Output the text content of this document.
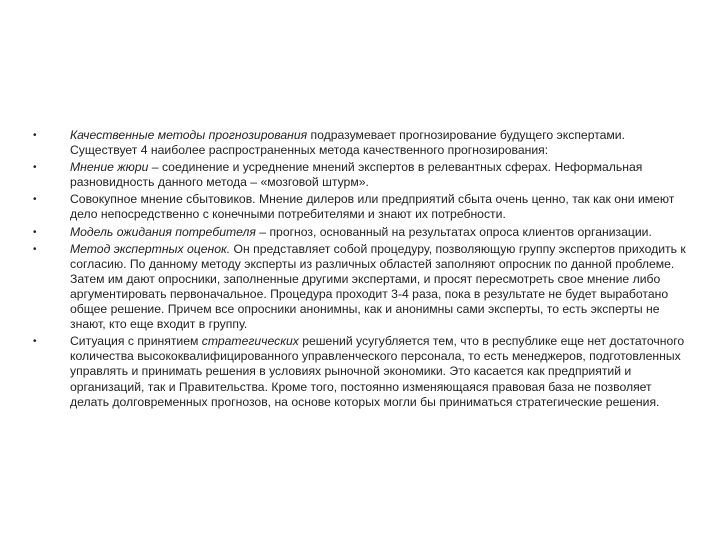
•	Качественные методы прогнозирования подразумевает прогнозирование будущего экспертами. Существует 4 наиболее распространенных метода качественного прогнозирования:
•	Мнение жюри – соединение и усреднение мнений экспертов в релевантных сферах. Неформальная разновидность данного метода – «мозговой штурм».
•	Совокупное мнение сбытовиков. Мнение дилеров или предприятий сбыта очень ценно, так как они имеют дело непосредственно с конечными потребителями и знают их потребности.
•	Модель ожидания потребителя – прогноз, основанный на результатах опроса клиентов организации.
•	Метод экспертных оценок. Он представляет собой процедуру, позволяющую группу экспертов приходить к согласию. По данному методу эксперты из различных областей заполняют опросник по данной проблеме. Затем им дают опросники, заполненные другими экспертами, и просят пересмотреть свое мнение либо аргументировать первоначальное. Процедура проходит 3-4 раза, пока в результате не будет выработано общее решение. Причем все опросники анонимны, как и анонимны сами эксперты, то есть эксперты не знают, кто еще входит в группу.
•	Ситуация с принятием стратегических решений усугубляется тем, что в республике еще нет достаточного количества высококвалифицированного управленческого персонала, то есть менеджеров, подготовленных управлять и принимать решения в условиях рыночной экономики. Это касается как предприятий и организаций, так и Правительства. Кроме того, постоянно изменяющаяся правовая база не позволяет делать долговременных прогнозов, на основе которых могли бы приниматься стратегические решения.
